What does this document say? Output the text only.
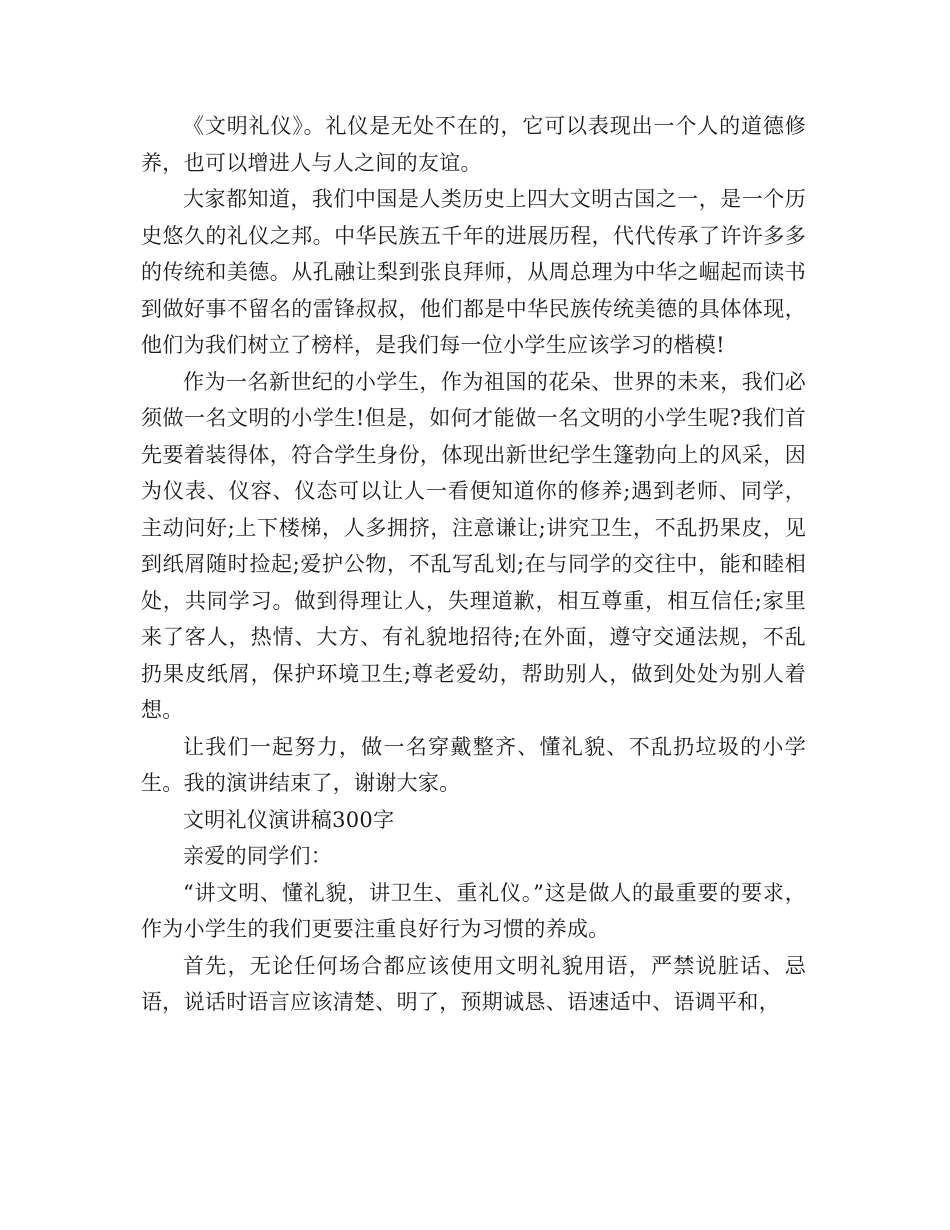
《文明礼仪》。礼仪是无处不在的，它可以表现出一个人的道德修养，也可以增进人与人之间的友谊。

大家都知道，我们中国是人类历史上四大文明古国之一，是一个历史悠久的礼仪之邦。中华民族五千年的进展历程，代代传承了许许多多的传统和美德。从孔融让梨到张良拜师，从周总理为中华之崛起而读书到做好事不留名的雷锋叔叔，他们都是中华民族传统美德的具体体现，他们为我们树立了榜样，是我们每一位小学生应该学习的楷模!

作为一名新世纪的小学生，作为祖国的花朵、世界的未来，我们必须做一名文明的小学生!但是，如何才能做一名文明的小学生呢?我们首先要着装得体，符合学生身份，体现出新世纪学生篷勃向上的风采，因为仪表、仪容、仪态可以让人一看便知道你的修养;遇到老师、同学，主动问好;上下楼梯，人多拥挤，注意谦让;讲究卫生，不乱扔果皮，见到纸屑随时捡起;爱护公物，不乱写乱划;在与同学的交往中，能和睦相处，共同学习。做到得理让人，失理道歉，相互尊重，相互信任;家里来了客人，热情、大方、有礼貌地招待;在外面，遵守交通法规，不乱扔果皮纸屑，保护环境卫生;尊老爱幼，帮助别人，做到处处为别人着想。

让我们一起努力，做一名穿戴整齐、懂礼貌、不乱扔垃圾的小学生。我的演讲结束了，谢谢大家。

文明礼仪演讲稿300字

亲爱的同学们：

“讲文明、懂礼貌，讲卫生、重礼仪。”这是做人的最重要的要求，作为小学生的我们更要注重良好行为习惯的养成。

首先，无论任何场合都应该使用文明礼貌用语，严禁说脏话、忌语，说话时语言应该清楚、明了，预期诚恳、语速适中、语调平和，
